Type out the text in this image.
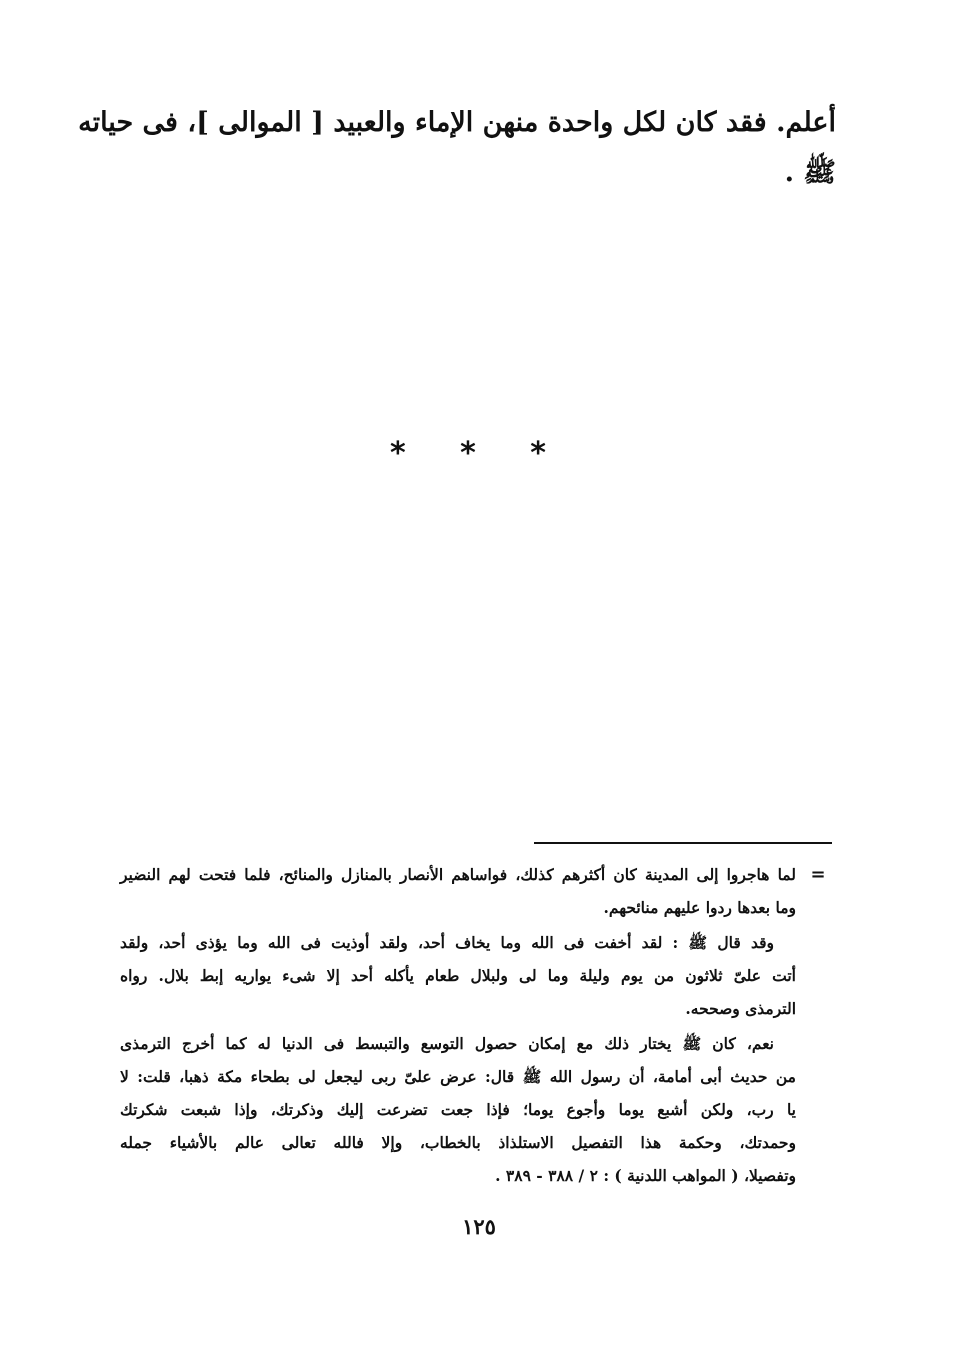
أعلم. فقد كان لكل واحدة منهن الإماء والعبيد [ الموالى ]، فى حياته
ﷺ .
* * *
=
لما هاجروا إلى المدينة كان أكثرهم كذلك، فواساهم الأنصار بالمنازل والمنائح، فلما فتحت لهم النضير
وما بعدها ردوا عليهم منائحهم.
وقد قال ﷺ : لقد أخفت فى الله وما يخاف أحد، ولقد أوذيت فى الله وما يؤذى أحد، ولقد
أتت علىّ ثلاثون من يوم وليلة وما لى ولبلال طعام يأكله أحد إلا شىء يواريه إبط بلال. رواه
الترمذى وصححه.
نعم، كان ﷺ يختار ذلك مع إمكان حصول التوسع والتبسط فى الدنيا له كما أخرج الترمذى
من حديث أبى أمامة، أن رسول الله ﷺ قال: عرض علىّ ربى ليجعل لى بطحاء مكة ذهبا، قلت: لا
يا رب، ولكن أشبع يوما وأجوع يوما؛ فإذا جعت تضرعت إليك وذكرتك، وإذا شبعت شكرتك
وحمدتك، وحكمة هذا التفصيل الاستلذاذ بالخطاب، وإلا فالله تعالى عالم بالأشياء جمله
وتفصيلا، ( المواهب اللدنية ) : ٢ / ٣٨٨ - ٣٨٩ .
١٢٥
